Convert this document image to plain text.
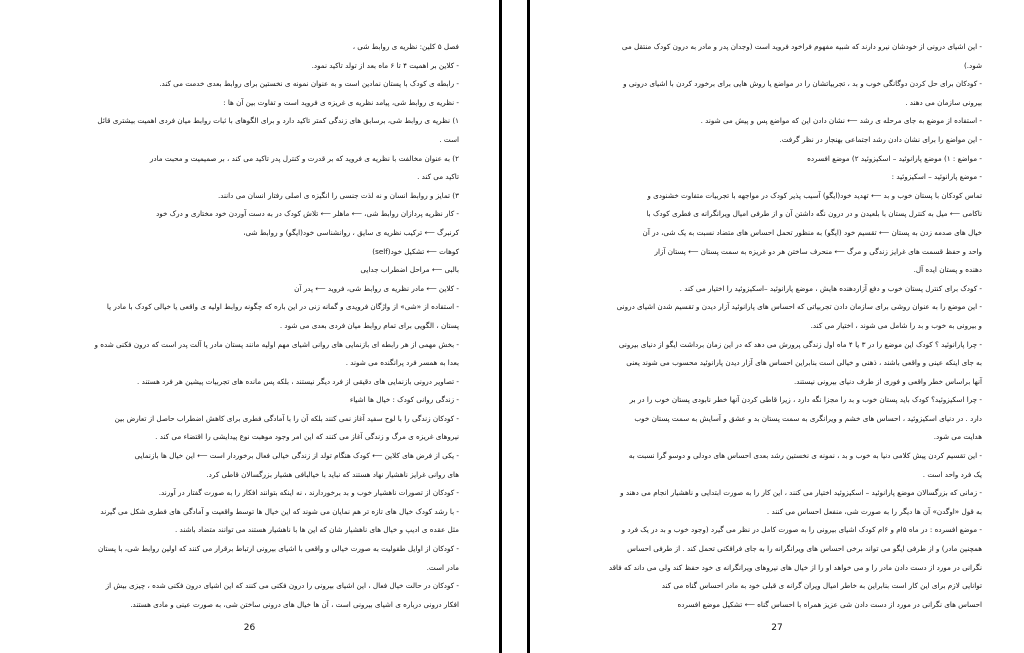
فصل ۵ کلین: نظریه ی روابط شی ،
- کلاین بر اهمیت ۴ تا ۶ ماه بعد از تولد تاکید نمود.
- رابطه ی کودک با پستان نمادین است و به عنوان نمونه ی نخستین برای روابط بعدی خدمت می کند.
- نظریه ی روابط شی، پیامد نظریه ی غریزه ی فروید است و تفاوت بین آن ها :
۱) نظریه ی روابط شی، برسابق های زندگی کمتر تاکید دارد و برای الگوهای با ثبات روابط میان فردی اهمیت بیشتری قائل
است .
۲) به عنوان مخالفت با نظریه ی فروید که بر قدرت و کنترل پدر تاکید می کند ، بر صمیمیت و محبت مادر
تاکید می کند .
۳) تمایز و روابط انسان و نه لذت جنسی را انگیزه ی اصلی رفتار انسان می دانند.
- کار نظریه پردازان روابط شی، ⟵ ماهلر ⟵ تلاش کودک در به دست آوردن خود مختاری و درک خود
کرنبرگ ⟵ ترکیب نظریه ی سایق ، روانشناسی خود(ایگو) و روابط شی،
کوهات ⟵ تشکیل خود(self)
بالبی ⟵ مراحل اضطراب جدایی
- کلاین ⟵ مادر نظریه ی روابط شی، فروید ⟵ پدر آن
- استفاده از «شی» از واژگان فرویدی و گمانه زنی در این باره که چگونه روابط اولیه ی واقعی یا خیالی کودک با مادر یا
پستان ، الگویی برای تمام روابط میان فردی بعدی می شود .
- بخش مهمی از هر رابطه ای بازنمایی های روانی اشیای مهم اولیه مانند پستان مادر یا آلت پدر است که درون فکنی شده و
بعدا به همسر فرد پرانگنده می شوند .
- تصاویر درونی بازنمایی های دقیقی از فرد دیگر نیستند ، بلکه پس مانده های تجربیات پیشین هر فرد هستند .
- زندگی روانی کودک : خیال ها اشیاء
- کودکان زندگی را با لوح سفید آغاز نمی کنند بلکه آن را با آمادگی فطری برای کاهش اضطراب حاصل از تعارض بین
نیروهای غریزه ی مرگ و زندگی آغاز می کنند که این امر وجود موهبت نوع پیدایشی را اقتضاء می کند .
- یکی از فرض های کلاین ⟵ کودک هنگام تولد از زندگی خیالی فعال برخوردار است ⟵ این خیال ها بازنمایی
های روانی غرایز ناهشیار نهاد هستند که نباید با خیالبافی هشیار بزرگسالان قاطی کرد.
- کودکان از تصورات ناهشیار خوب و بد برخوردارند ، نه اینکه بتوانند افکار را به صورت گفتار در آورند.
- با رشد کودک خیال های تازه تر هم نمایان می شوند که این خیال ها توسط واقعیت و آمادگی های فطری شکل می گیرند
مثل عقده ی ادیپ و خیال های ناهشیار شان که این ها با ناهشیار هستند می توانند متضاد باشند .
- کودکان از اوایل طفولیت به صورت خیالی و واقعی با اشیای بیرونی ارتباط برقرار می کنند که اولین روابط شی، با پستان
مادر است.
- کودکان در حالت خیال فعال ، این اشیای بیرونی را درون فکنی می کنند که این اشیای درون فکنی شده ، چیزی بیش از
افکار درونی درباره ی اشیای بیرونی است ، آن ها خیال های درونی ساختن شی، به صورت عینی و مادی هستند.
26
- این اشیای درونی از خودشان نیرو دارند که شبیه مفهوم فراخود فروید است (وجدان پدر و مادر به درون کودک منتقل می
شود.)
- کودکان برای حل کردن دوگانگی خوب و بد ، تجربیاتشان را در مواضع یا روش هایی برای برخورد کردن با اشیای درونی و
بیرونی سازمان می دهند .
- استفاده از موضع به جای مرحله ی رشد ⟵ نشان دادن این که مواضع پس و پیش می شوند .
- این مواضع را برای نشان دادن رشد اجتماعی بهنجار در نظر گرفت.
- مواضع : ۱) موضع پارانوئید – اسکیزوئید ۲) موضع افسرده
- موضع پارانوئید – اسکیزوئید :
تماس کودکان با پستان خوب و بد ⟵ تهدید خود(ایگو) آسیب پذیر کودک در مواجهه با تجربیات متفاوت خشنودی و
ناکامی ⟵ میل به کنترل پستان با بلعیدن و در درون نگه داشتن آن و از طرفی امیال ویرانگرانه ی فطری کودک با
خیال های صدمه زدن به پستان ⟵ تقسیم خود (ایگو) به منظور تحمل احساس های متضاد نسبت به یک شی، در آن
واحد و حفظ قسمت های غرایز زندگی و مرگ ⟵ منحرف ساختن هر دو غریزه به سمت پستان ⟵ پستان آزار
دهنده و پستان ایده آل.
- کودک برای کنترل پستان خوب و دفع آزاردهنده هایش ، موضع پارانوئید –اسکیزوئید را اختیار می کند .
- این موضع را به عنوان روشی برای سازمان دادن تجربیاتی که احساس های پارانوئید آزار دیدن و تقسیم شدن اشیای درونی
و بیرونی به خوب و بد را شامل می شوند ، اختیار می کند.
- چرا پارانوئید ؟ کودک این موضع را در ۳ یا ۴ ماه اول زندگی پرورش می دهد که در این زمان برداشت ایگو از دنیای بیرونی
به جای اینکه عینی و واقعی باشند ، ذهنی و خیالی است بنابراین احساس های آزار دیدن پارانوئید محسوب می شوند یعنی
آنها براساس خطر واقعی و فوری از طرف دنیای بیرونی نیستند.
- چرا اسکیزوئید؟ کودک باید پستان خوب و بد را مجزا نگه دارد ، زیرا قاطی کردن آنها خطر نابودی پستان خوب را در بر
دارد . در دنیای اسکیزوئید ، احساس های خشم و ویرانگری به سمت پستان بد و عشق و آسایش به سمت پستان خوب
هدایت می شود.
- این تقسیم کردن پیش کلامی دنیا به خوب و بد ، نمونه ی نخستین رشد بعدی احساس های دودلی و دوسو گرا نسبت به
یک فرد واحد است .
- زمانی که بزرگسالان موضع پارانوئید – اسکیزوئید اختیار می کنند ، این کار را به صورت ابتدایی و ناهشیار انجام می دهند و
به قول «اوگدن» آن ها دیگر را به صورت شی، منفعل احساس می کنند .
- موضع افسرده : در ماه ۵ام و ۶ام کودک اشیای بیرونی را به صورت کامل در نظر می گیرد (وجود خوب و بد در یک فرد و
همچنین مادر) و از طرفی ایگو می تواند برخی احساس های ویرانگرانه را به جای فرافکنی تحمل کند . از طرفی احساس
نگرانی در مورد از دست دادن مادر را و می خواهد او را از خیال های نیروهای ویرانگرانه ی خود حفظ کند ولی می داند که فاقد
توانایی لازم برای این کار است بنابراین به خاطر امیال ویران گرانه ی قبلی خود به مادر احساس گناه می کند
احساس های نگرانی در مورد از دست دادن شی عزیز همراه با احساس گناه ⟵ تشکیل موضع افسرده
27
